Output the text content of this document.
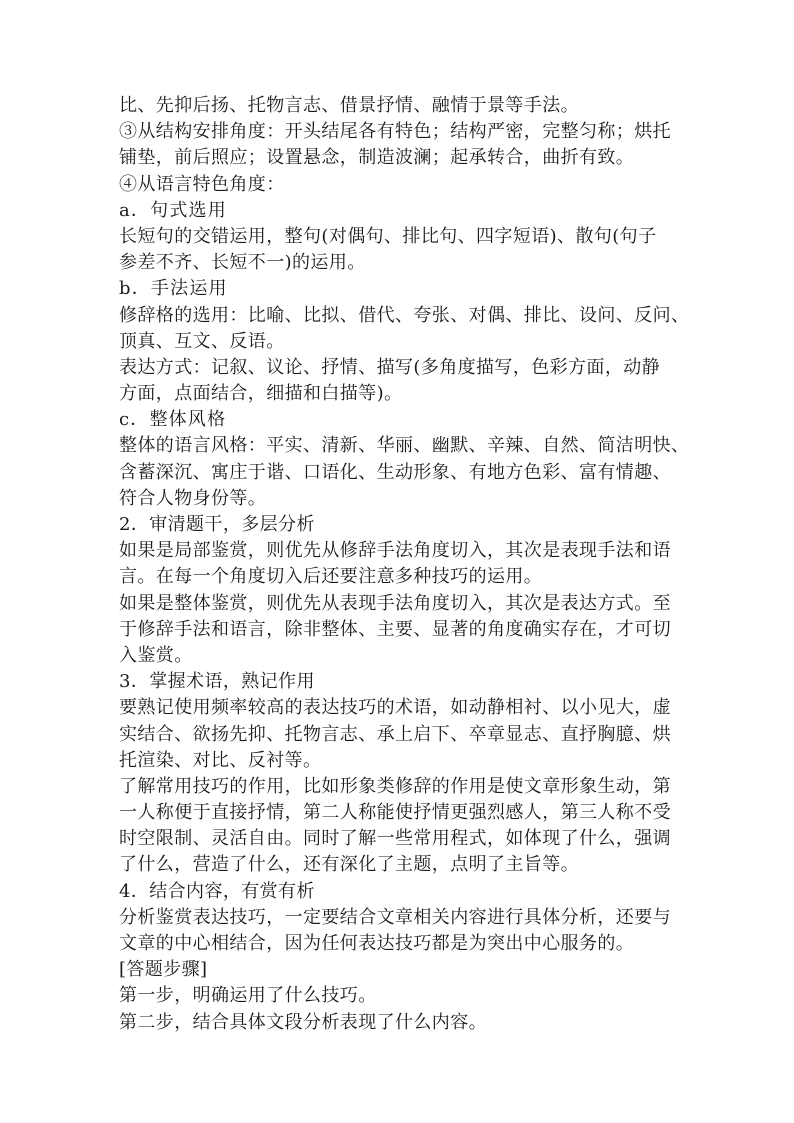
比、先抑后扬、托物言志、借景抒情、融情于景等手法。
③从结构安排角度：开头结尾各有特色；结构严密，完整匀称；烘托
铺垫，前后照应；设置悬念，制造波澜；起承转合，曲折有致。
④从语言特色角度：
a．句式选用
长短句的交错运用，整句(对偶句、排比句、四字短语)、散句(句子
参差不齐、长短不一)的运用。
b．手法运用
修辞格的选用：比喻、比拟、借代、夸张、对偶、排比、设问、反问、
顶真、互文、反语。
表达方式：记叙、议论、抒情、描写(多角度描写，色彩方面，动静
方面，点面结合，细描和白描等)。
c．整体风格
整体的语言风格：平实、清新、华丽、幽默、辛辣、自然、简洁明快、
含蓄深沉、寓庄于谐、口语化、生动形象、有地方色彩、富有情趣、
符合人物身份等。
2．审清题干，多层分析
如果是局部鉴赏，则优先从修辞手法角度切入，其次是表现手法和语
言。在每一个角度切入后还要注意多种技巧的运用。
如果是整体鉴赏，则优先从表现手法角度切入，其次是表达方式。至
于修辞手法和语言，除非整体、主要、显著的角度确实存在，才可切
入鉴赏。
3．掌握术语，熟记作用
要熟记使用频率较高的表达技巧的术语，如动静相衬、以小见大，虚
实结合、欲扬先抑、托物言志、承上启下、卒章显志、直抒胸臆、烘
托渲染、对比、反衬等。
了解常用技巧的作用，比如形象类修辞的作用是使文章形象生动，第
一人称便于直接抒情，第二人称能使抒情更强烈感人，第三人称不受
时空限制、灵活自由。同时了解一些常用程式，如体现了什么，强调
了什么，营造了什么，还有深化了主题，点明了主旨等。
4．结合内容，有赏有析
分析鉴赏表达技巧，一定要结合文章相关内容进行具体分析，还要与
文章的中心相结合，因为任何表达技巧都是为突出中心服务的。
[答题步骤]
第一步，明确运用了什么技巧。
第二步，结合具体文段分析表现了什么内容。
